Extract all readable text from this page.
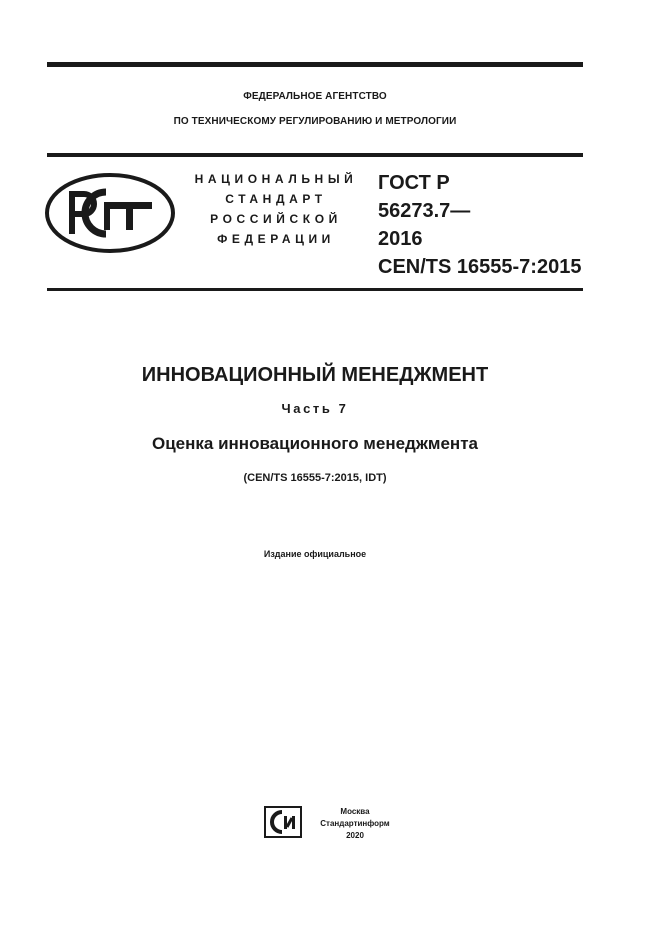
ФЕДЕРАЛЬНОЕ АГЕНТСТВО
ПО ТЕХНИЧЕСКОМУ РЕГУЛИРОВАНИЮ И МЕТРОЛОГИИ
НАЦИОНАЛЬНЫЙ
СТАНДАРТ
РОССИЙСКОЙ
ФЕДЕРАЦИИ
ГОСТ Р
56273.7—
2016
CEN/TS 16555-7:2015
ИННОВАЦИОННЫЙ МЕНЕДЖМЕНТ
Часть 7
Оценка инновационного менеджмента
(CEN/TS 16555-7:2015, IDT)
Издание официальное
Москва
Стандартинформ
2020
